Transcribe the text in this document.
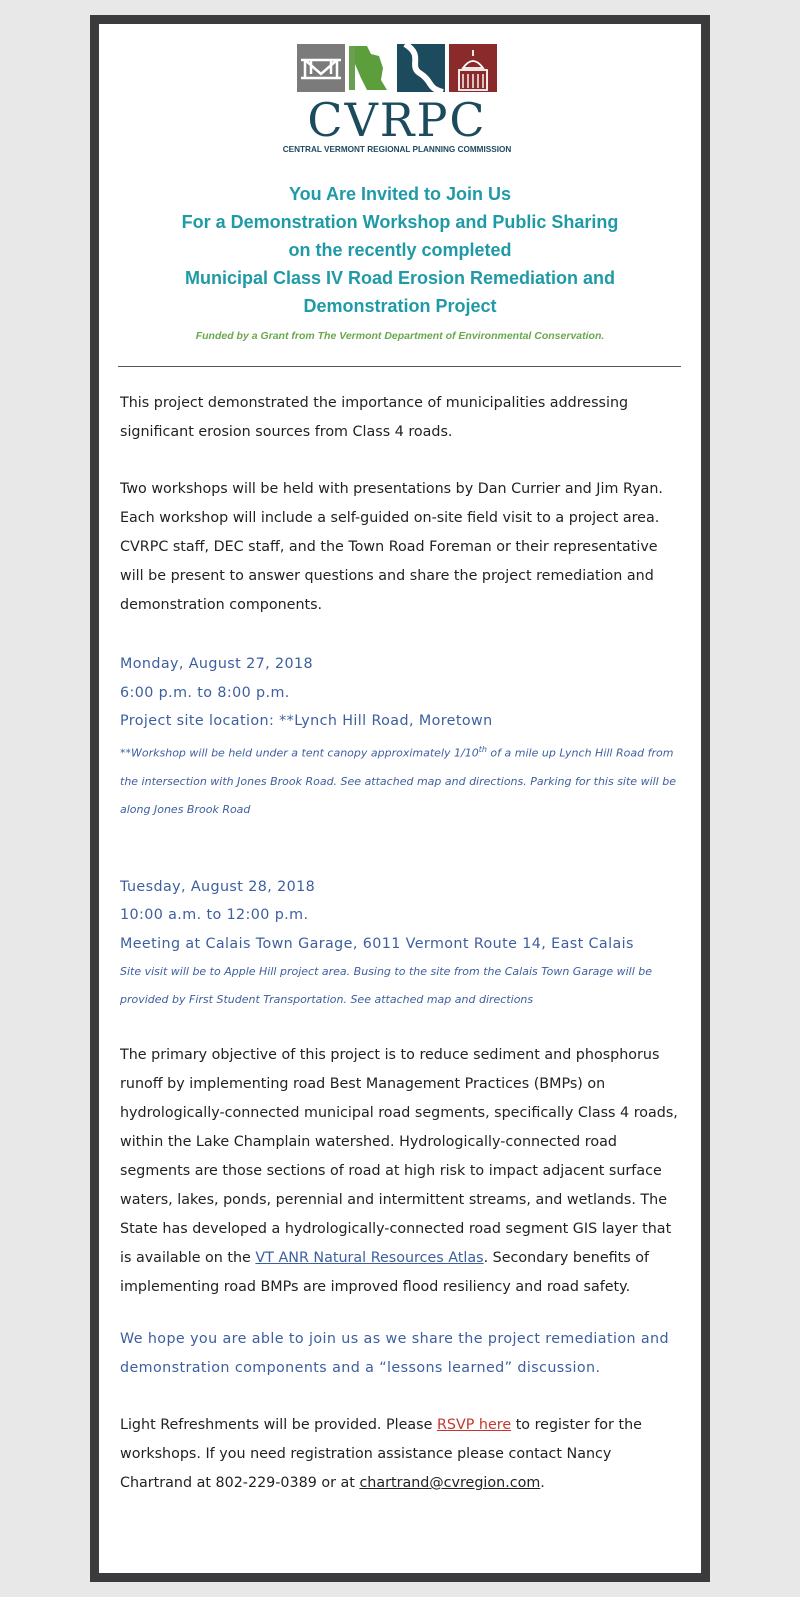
CVRPC
CENTRAL VERMONT REGIONAL PLANNING COMMISSION
You Are Invited to Join Us
For a Demonstration Workshop and Public Sharing
on the recently completed
Municipal Class IV Road Erosion Remediation and
Demonstration Project
Funded by a Grant from The Vermont Department of Environmental Conservation.
This project demonstrated the importance of municipalities addressing significant erosion sources from Class 4 roads.
Two workshops will be held with presentations by Dan Currier and Jim Ryan. Each workshop will include a self-guided on-site field visit to a project area. CVRPC staff, DEC staff, and the Town Road Foreman or their representative will be present to answer questions and share the project remediation and demonstration components.
Monday, August 27, 2018
6:00 p.m. to 8:00 p.m.
Project site location: **Lynch Hill Road, Moretown
**Workshop will be held under a tent canopy approximately 1/10th of a mile up Lynch Hill Road from the intersection with Jones Brook Road. See attached map and directions. Parking for this site will be along Jones Brook Road
Tuesday, August 28, 2018
10:00 a.m. to 12:00 p.m.
Meeting at Calais Town Garage, 6011 Vermont Route 14, East Calais
Site visit will be to Apple Hill project area. Busing to the site from the Calais Town Garage will be provided by First Student Transportation. See attached map and directions
The primary objective of this project is to reduce sediment and phosphorus runoff by implementing road Best Management Practices (BMPs) on hydrologically-connected municipal road segments, specifically Class 4 roads, within the Lake Champlain watershed. Hydrologically-connected road segments are those sections of road at high risk to impact adjacent surface waters, lakes, ponds, perennial and intermittent streams, and wetlands. The State has developed a hydrologically-connected road segment GIS layer that is available on the VT ANR Natural Resources Atlas. Secondary benefits of implementing road BMPs are improved flood resiliency and road safety.
We hope you are able to join us as we share the project remediation and demonstration components and a “lessons learned” discussion.
Light Refreshments will be provided. Please RSVP here to register for the workshops. If you need registration assistance please contact Nancy Chartrand at 802-229-0389 or at chartrand@cvregion.com.
